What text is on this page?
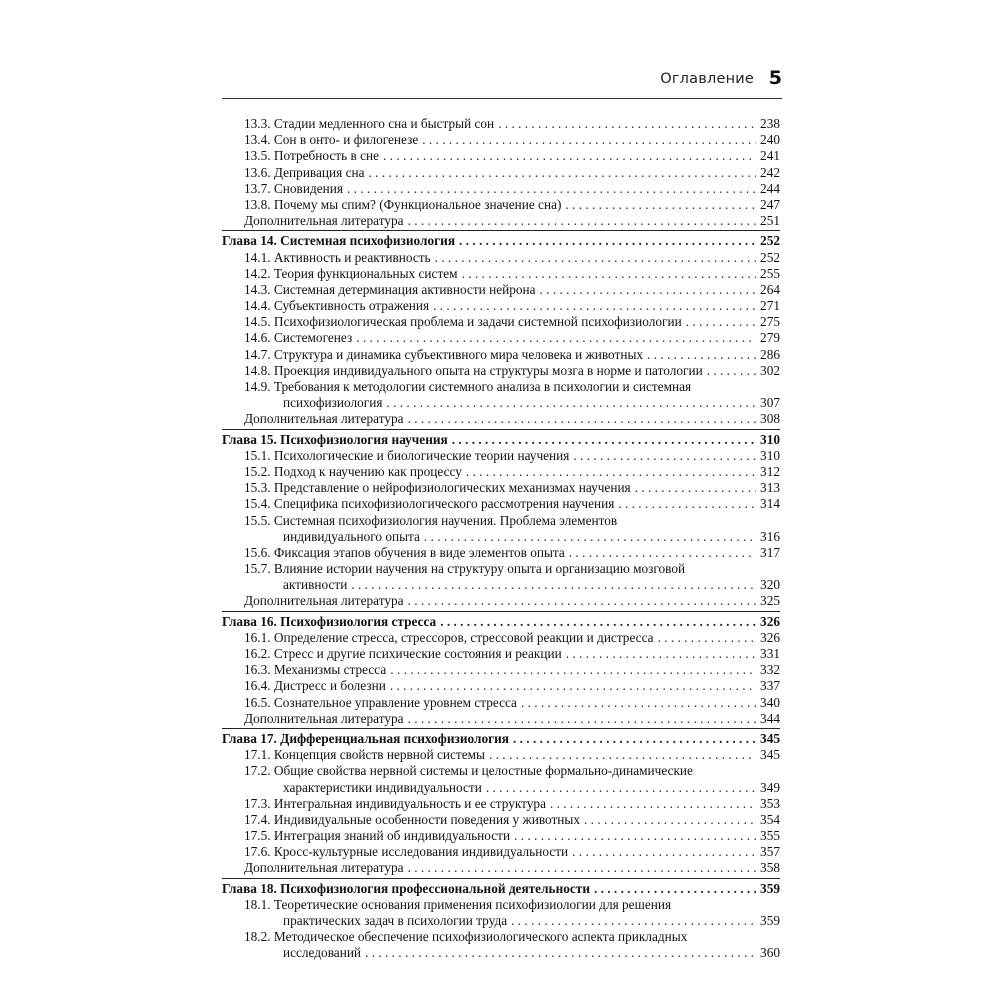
Оглавление 5
13.3. Стадии медленного сна и быстрый сон . . .	238
13.4. Сон в онто- и филогенезе . . .	240
13.5. Потребность в сне . . .	241
13.6. Депривация сна . . .	242
13.7. Сновидения . . .	244
13.8. Почему мы спим? (Функциональное значение сна) . . .	247
Дополнительная литература . . .	251
Глава 14. Системная психофизиология . . .	252
14.1. Активность и реактивность . . .	252
14.2. Теория функциональных систем . . .	255
14.3. Системная детерминация активности нейрона . . .	264
14.4. Субъективность отражения . . .	271
14.5. Психофизиологическая проблема и задачи системной психофизиологии . . .	275
14.6. Системогенез . . .	279
14.7. Структура и динамика субъективного мира человека и животных . . .	286
14.8. Проекция индивидуального опыта на структуры мозга в норме и патологии . . .	302
14.9. Требования к методологии системного анализа в психологии и системная
психофизиология . . .	307
Дополнительная литература . . .	308
Глава 15. Психофизиология научения . . .	310
15.1. Психологические и биологические теории научения . . .	310
15.2. Подход к научению как процессу . . .	312
15.3. Представление о нейрофизиологических механизмах научения . . .	313
15.4. Специфика психофизиологического рассмотрения научения . . .	314
15.5. Системная психофизиология научения. Проблема элементов
индивидуального опыта . . .	316
15.6. Фиксация этапов обучения в виде элементов опыта . . .	317
15.7. Влияние истории научения на структуру опыта и организацию мозговой
активности . . .	320
Дополнительная литература . . .	325
Глава 16. Психофизиология стресса . . .	326
16.1. Определение стресса, стрессоров, стрессовой реакции и дистресса . . .	326
16.2. Стресс и другие психические состояния и реакции . . .	331
16.3. Механизмы стресса . . .	332
16.4. Дистресс и болезни . . .	337
16.5. Сознательное управление уровнем стресса . . .	340
Дополнительная литература . . .	344
Глава 17. Дифференциальная психофизиология . . .	345
17.1. Концепция свойств нервной системы . . .	345
17.2. Общие свойства нервной системы и целостные формально-динамические
характеристики индивидуальности . . .	349
17.3. Интегральная индивидуальность и ее структура . . .	353
17.4. Индивидуальные особенности поведения у животных . . .	354
17.5. Интеграция знаний об индивидуальности . . .	355
17.6. Кросс-культурные исследования индивидуальности . . .	357
Дополнительная литература . . .	358
Глава 18. Психофизиология профессиональной деятельности . . .	359
18.1. Теоретические основания применения психофизиологии для решения
практических задач в психологии труда . . .	359
18.2. Методическое обеспечение психофизиологического аспекта прикладных
исследований . . .	360
